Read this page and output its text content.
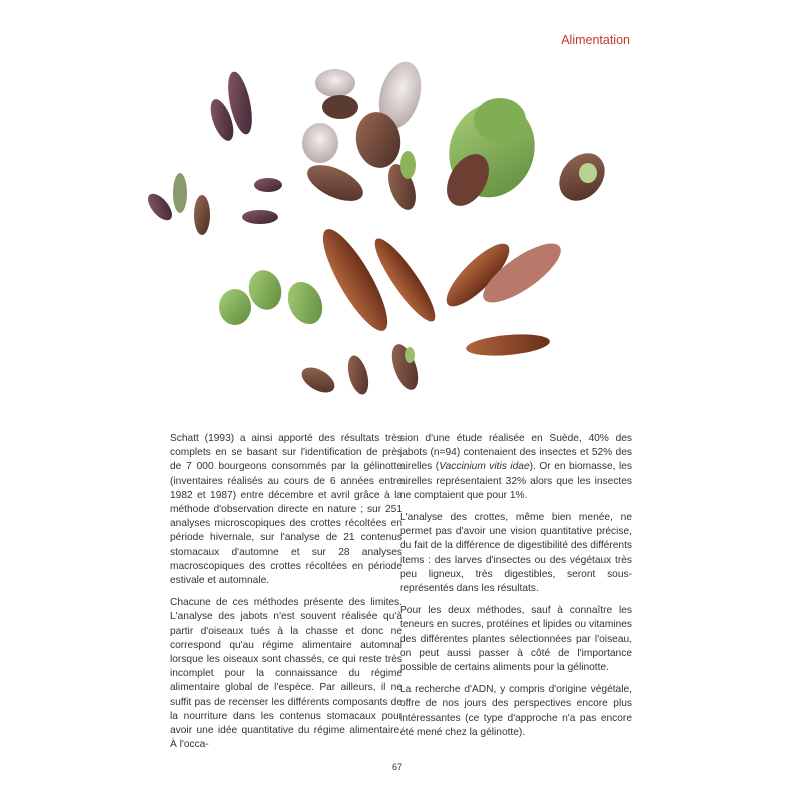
Alimentation

Schatt (1993) a ainsi apporté des résultats très complets en se basant sur l'identification de près de 7 000 bourgeons consommés par la gélinotte (inventaires réalisés au cours de 6 années entre 1982 et 1987) entre décembre et avril grâce à la méthode d'observation directe en nature ; sur 251 analyses microscopiques des crottes récoltées en période hivernale, sur l'analyse de 21 contenus stomacaux d'automne et sur 28 analyses macroscopiques des crottes récoltées en période estivale et automnale.

Chacune de ces méthodes présente des limites. L'analyse des jabots n'est souvent réalisée qu'à partir d'oiseaux tués à la chasse et donc ne correspond qu'au régime alimentaire automnal lorsque les oiseaux sont chassés, ce qui reste très incomplet pour la connaissance du régime alimentaire global de l'espèce. Par ailleurs, il ne suffit pas de recenser les différents composants de la nourriture dans les contenus stomacaux pour avoir une idée quantitative du régime alimentaire. À l'occa-

sion d'une étude réalisée en Suède, 40% des jabots (n=94) contenaient des insectes et 52% des airelles (Vaccinium vitis idae). Or en biomasse, les airelles représentaient 32% alors que les insectes ne comptaient que pour 1%.

L'analyse des crottes, même bien menée, ne permet pas d'avoir une vision quantitative précise, du fait de la différence de digestibilité des différents items : des larves d'insectes ou des végétaux très peu ligneux, très digestibles, seront sous-représentés dans les résultats.

Pour les deux méthodes, sauf à connaître les teneurs en sucres, protéines et lipides ou vitamines des différentes plantes sélectionnées par l'oiseau, on peut aussi passer à côté de l'importance possible de certains aliments pour la gélinotte.

La recherche d'ADN, y compris d'origine végétale, offre de nos jours des perspectives encore plus intéressantes (ce type d'approche n'a pas encore été mené chez la gélinotte).

67
